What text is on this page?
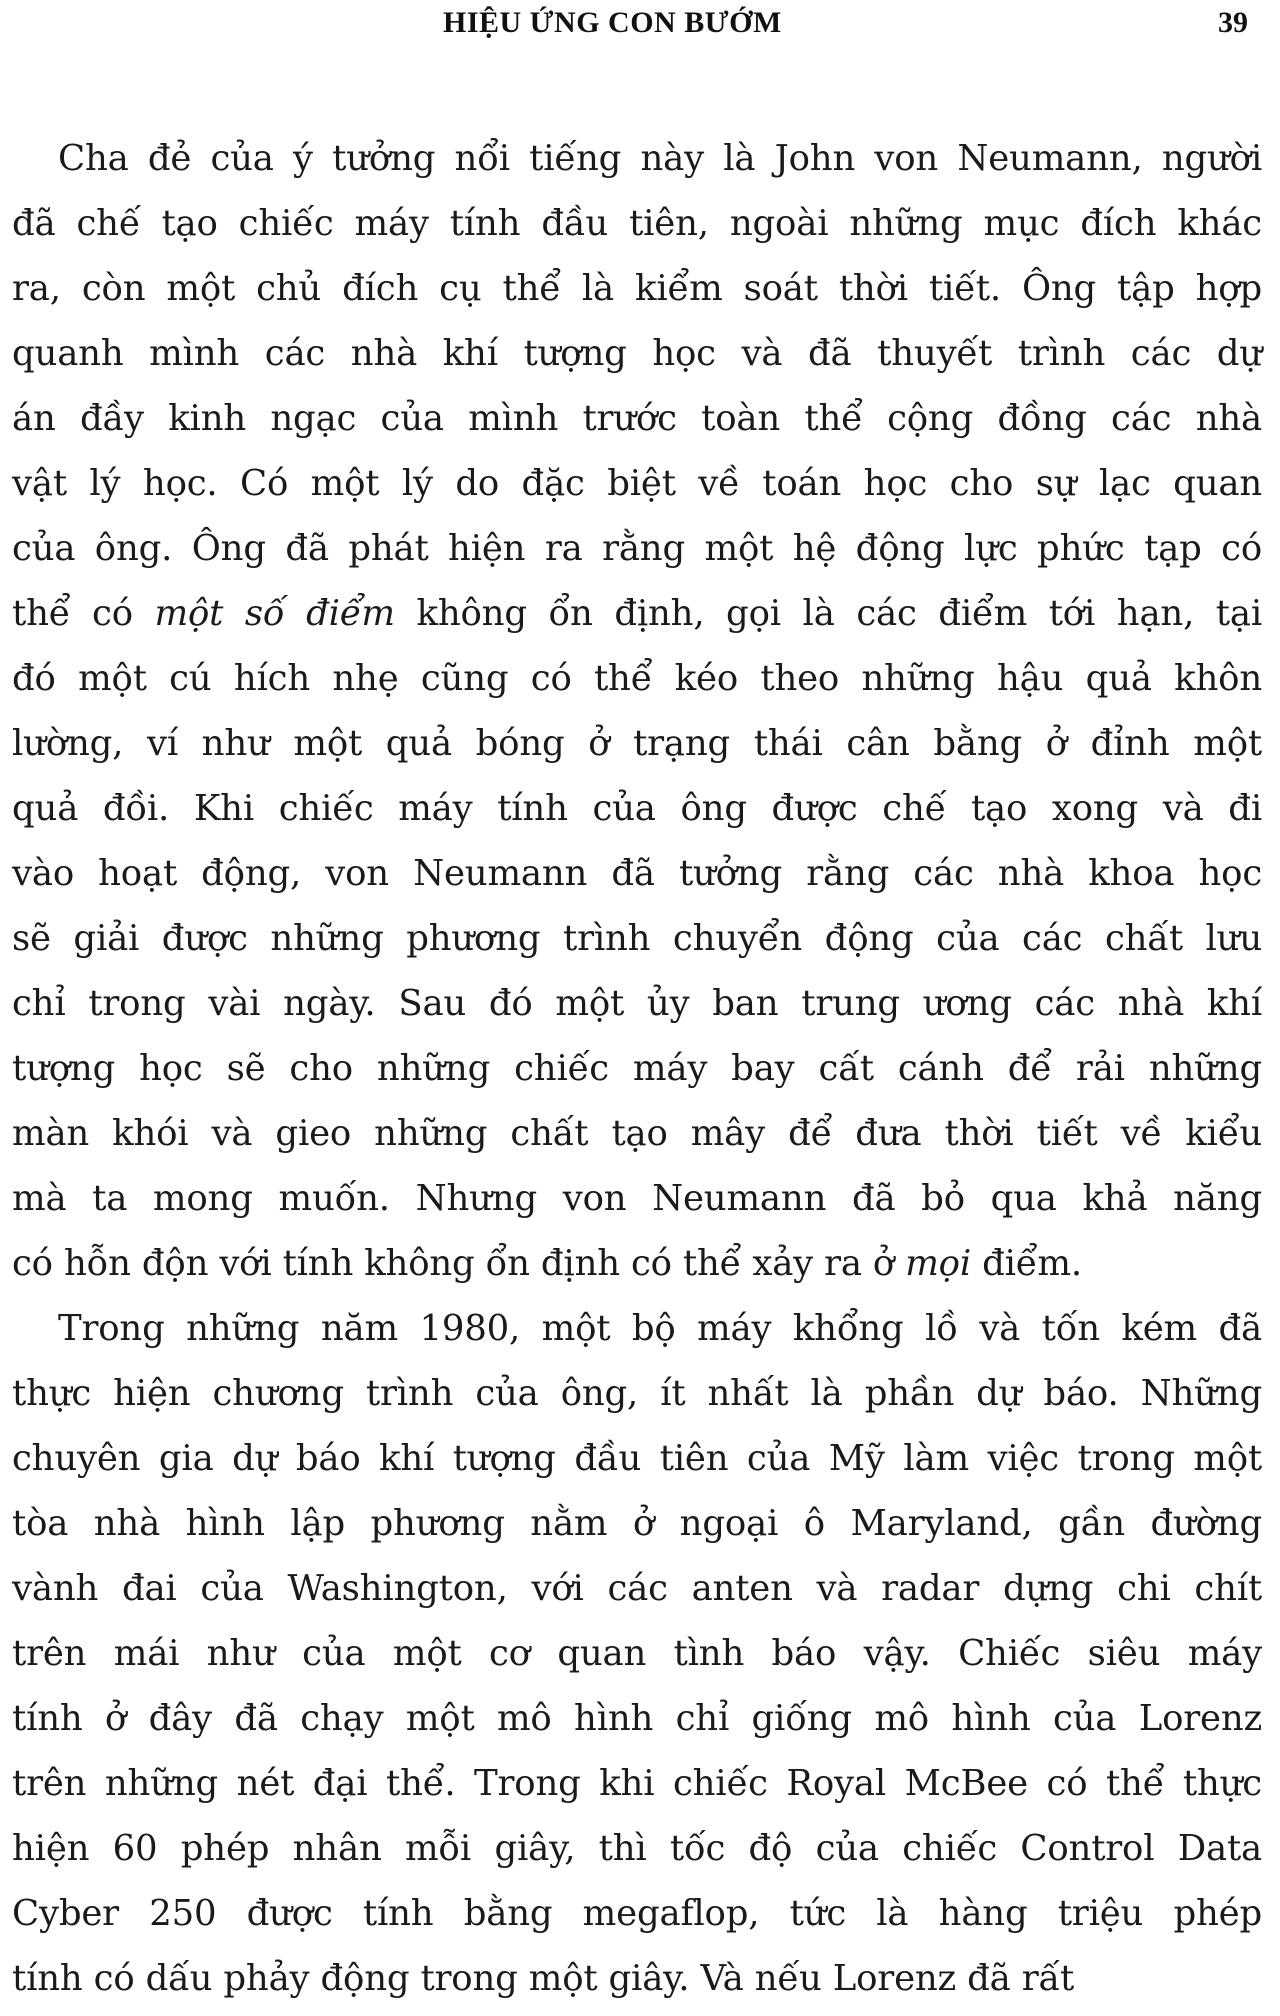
HIỆU ỨNG CON BƯỚM	39

Cha đẻ của ý tưởng nổi tiếng này là John von Neumann, người
đã chế tạo chiếc máy tính đầu tiên, ngoài những mục đích khác
ra, còn một chủ đích cụ thể là kiểm soát thời tiết. Ông tập hợp
quanh mình các nhà khí tượng học và đã thuyết trình các dự
án đầy kinh ngạc của mình trước toàn thể cộng đồng các nhà
vật lý học. Có một lý do đặc biệt về toán học cho sự lạc quan
của ông. Ông đã phát hiện ra rằng một hệ động lực phức tạp có
thể có một số điểm không ổn định, gọi là các điểm tới hạn, tại
đó một cú hích nhẹ cũng có thể kéo theo những hậu quả khôn
lường, ví như một quả bóng ở trạng thái cân bằng ở đỉnh một
quả đồi. Khi chiếc máy tính của ông được chế tạo xong và đi
vào hoạt động, von Neumann đã tưởng rằng các nhà khoa học
sẽ giải được những phương trình chuyển động của các chất lưu
chỉ trong vài ngày. Sau đó một ủy ban trung ương các nhà khí
tượng học sẽ cho những chiếc máy bay cất cánh để rải những
màn khói và gieo những chất tạo mây để đưa thời tiết về kiểu
mà ta mong muốn. Nhưng von Neumann đã bỏ qua khả năng
có hỗn độn với tính không ổn định có thể xảy ra ở mọi điểm.

Trong những năm 1980, một bộ máy khổng lồ và tốn kém đã
thực hiện chương trình của ông, ít nhất là phần dự báo. Những
chuyên gia dự báo khí tượng đầu tiên của Mỹ làm việc trong một
tòa nhà hình lập phương nằm ở ngoại ô Maryland, gần đường
vành đai của Washington, với các anten và radar dựng chi chít
trên mái như của một cơ quan tình báo vậy. Chiếc siêu máy
tính ở đây đã chạy một mô hình chỉ giống mô hình của Lorenz
trên những nét đại thể. Trong khi chiếc Royal McBee có thể thực
hiện 60 phép nhân mỗi giây, thì tốc độ của chiếc Control Data
Cyber 250 được tính bằng megaflop, tức là hàng triệu phép
tính có dấu phảy động trong một giây. Và nếu Lorenz đã rất
